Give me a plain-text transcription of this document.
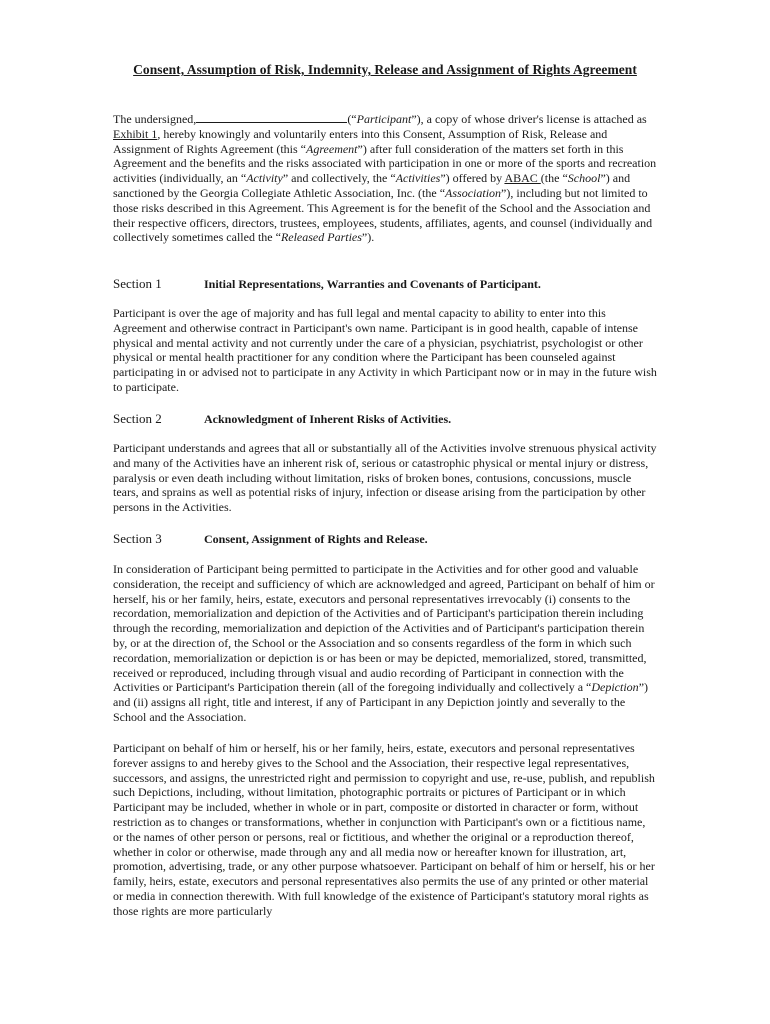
Consent, Assumption of Risk, Indemnity, Release and Assignment of Rights Agreement
The undersigned,	(“Participant”), a copy of whose driver's license is attached as Exhibit 1, hereby knowingly and voluntarily enters into this Consent, Assumption of Risk, Release and Assignment of Rights Agreement (this “Agreement”) after full consideration of the matters set forth in this Agreement and the benefits and the risks associated with participation in one or more of the sports and recreation activities (individually, an “Activity” and collectively, the “Activities”) offered by ABAC (the “School”) and sanctioned by the Georgia Collegiate Athletic Association, Inc. (the “Association”), including but not limited to those risks described in this Agreement. This Agreement is for the benefit of the School and the Association and their respective officers, directors, trustees, employees, students, affiliates, agents, and counsel (individually and collectively sometimes called the “Released Parties”).
Section 1	Initial Representations, Warranties and Covenants of Participant.
Participant is over the age of majority and has full legal and mental capacity to ability to enter into this Agreement and otherwise contract in Participant's own name. Participant is in good health, capable of intense physical and mental activity and not currently under the care of a physician, psychiatrist, psychologist or other physical or mental health practitioner for any condition where the Participant has been counseled against participating in or advised not to participate in any Activity in which Participant now or in may in the future wish to participate.
Section 2	Acknowledgment of Inherent Risks of Activities.
Participant understands and agrees that all or substantially all of the Activities involve strenuous physical activity and many of the Activities have an inherent risk of, serious or catastrophic physical or mental injury or distress, paralysis or even death including without limitation, risks of broken bones, contusions, concussions, muscle tears, and sprains as well as potential risks of injury, infection or disease arising from the participation by other persons in the Activities.
Section 3	Consent, Assignment of Rights and Release.
In consideration of Participant being permitted to participate in the Activities and for other good and valuable consideration, the receipt and sufficiency of which are acknowledged and agreed, Participant on behalf of him or herself, his or her family, heirs, estate, executors and personal representatives irrevocably (i) consents to the recordation, memorialization and depiction of the Activities and of Participant's participation therein including through the recording, memorialization and depiction of the Activities and of Participant's participation therein by, or at the direction of, the School or the Association and so consents regardless of the form in which such recordation, memorialization or depiction is or has been or may be depicted, memorialized, stored, transmitted, received or reproduced, including through visual and audio recording of Participant in connection with the Activities or Participant's Participation therein (all of the foregoing individually and collectively a “Depiction”) and (ii) assigns all right, title and interest, if any of Participant in any Depiction jointly and severally to the School and the Association.
Participant on behalf of him or herself, his or her family, heirs, estate, executors and personal representatives forever assigns to and hereby gives to the School and the Association, their respective legal representatives, successors, and assigns, the unrestricted right and permission to copyright and use, re-use, publish, and republish such Depictions, including, without limitation, photographic portraits or pictures of Participant or in which Participant may be included, whether in whole or in part, composite or distorted in character or form, without restriction as to changes or transformations, whether in conjunction with Participant's own or a fictitious name, or the names of other person or persons, real or fictitious, and whether the original or a reproduction thereof, whether in color or otherwise, made through any and all media now or hereafter known for illustration, art, promotion, advertising, trade, or any other purpose whatsoever. Participant on behalf of him or herself, his or her family, heirs, estate, executors and personal representatives also permits the use of any printed or other material or media in connection therewith. With full knowledge of the existence of Participant's statutory moral rights as those rights are more particularly
